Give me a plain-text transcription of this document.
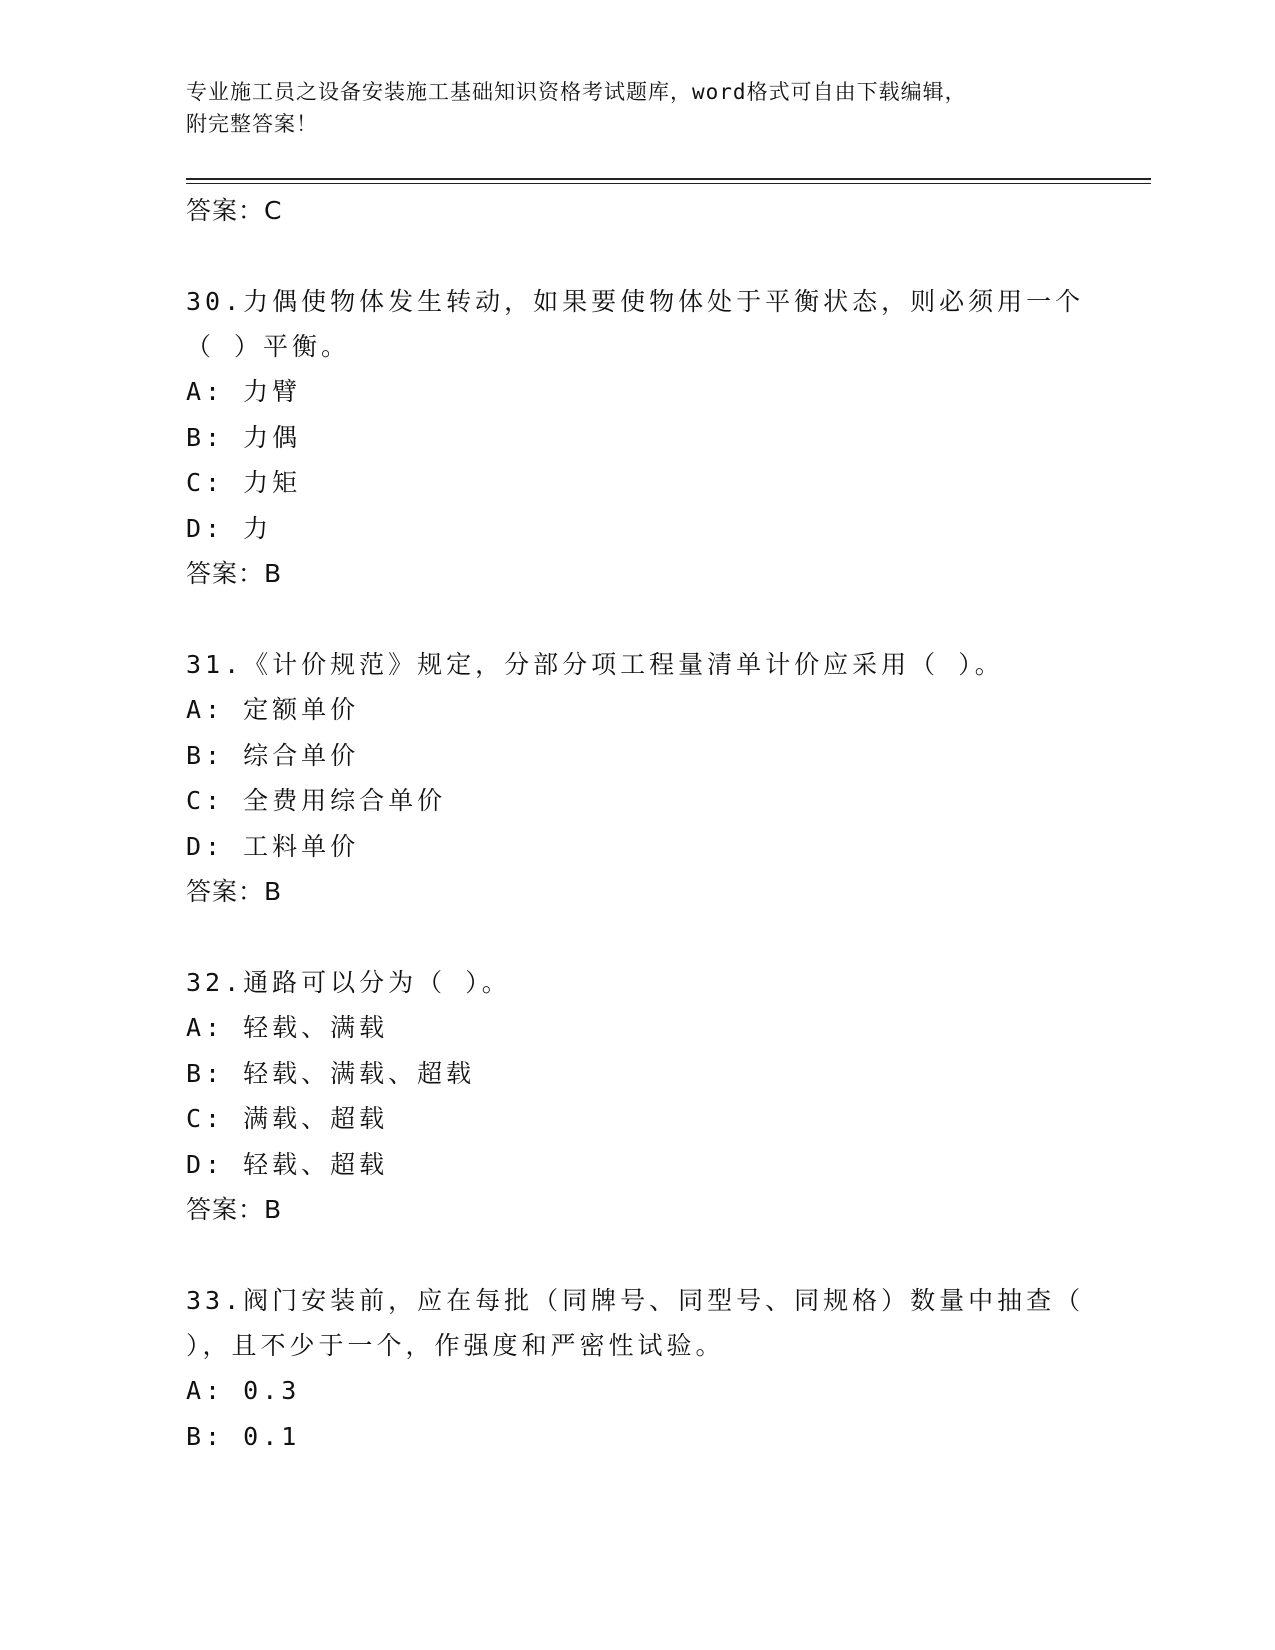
专业施工员之设备安装施工基础知识资格考试题库，word格式可自由下载编辑，
附完整答案！
答案：C
30.力偶使物体发生转动，如果要使物体处于平衡状态，则必须用一个
（ ）平衡。
A: 力臂
B: 力偶
C: 力矩
D: 力
答案：B
31.《计价规范》规定，分部分项工程量清单计价应采用（ ）。
A: 定额单价
B: 综合单价
C: 全费用综合单价
D: 工料单价
答案：B
32.通路可以分为（ ）。
A: 轻载、满载
B: 轻载、满载、超载
C: 满载、超载
D: 轻载、超载
答案：B
33.阀门安装前，应在每批（同牌号、同型号、同规格）数量中抽查（
），且不少于一个，作强度和严密性试验。
A: 0.3
B: 0.1
